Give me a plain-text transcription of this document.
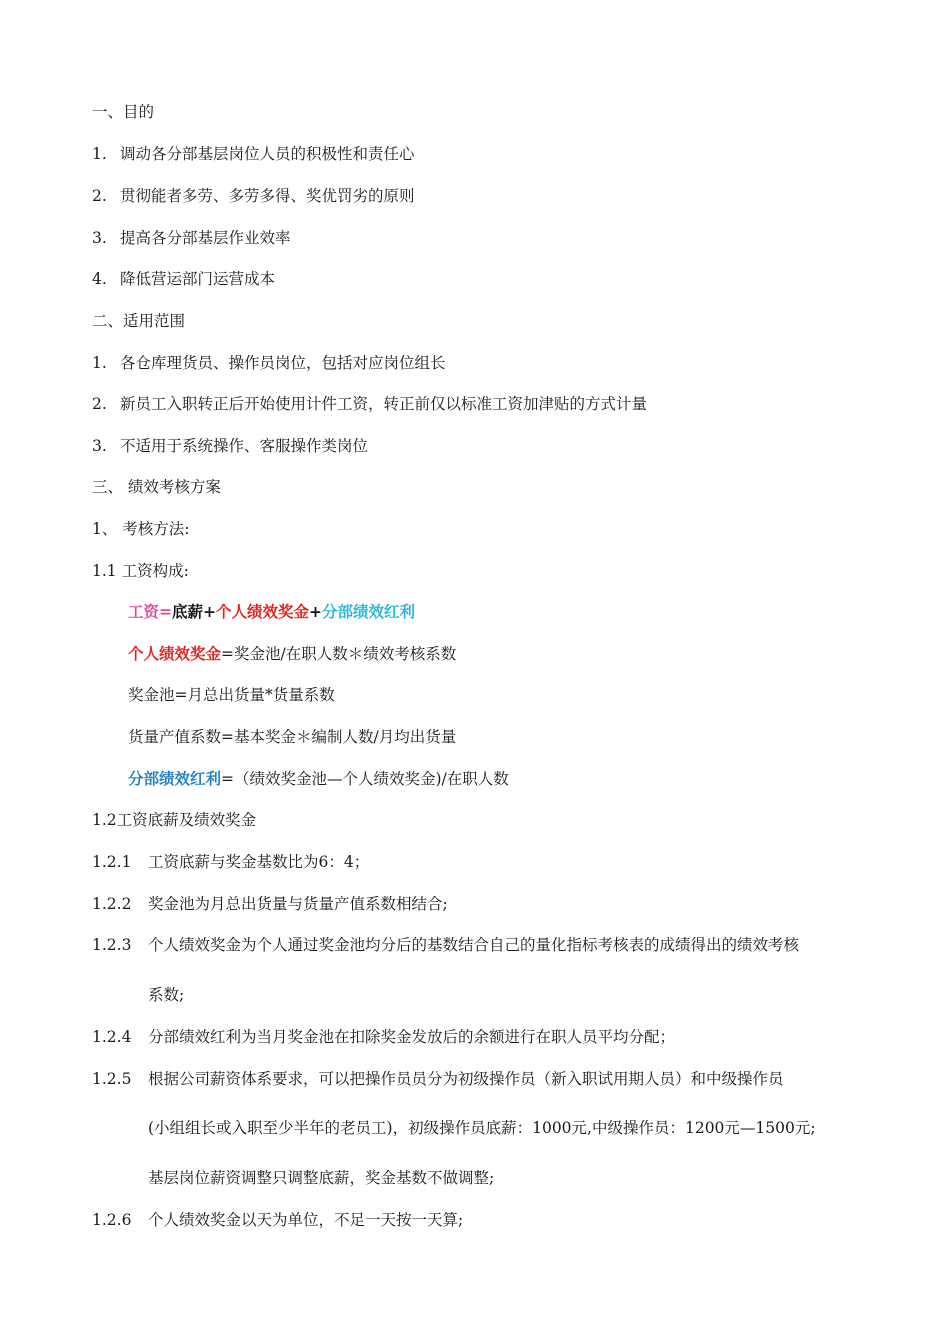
一、目的
1. 调动各分部基层岗位人员的积极性和责任心
2. 贯彻能者多劳、多劳多得、奖优罚劣的原则
3. 提高各分部基层作业效率
4. 降低营运部门运营成本
二、适用范围
1. 各仓库理货员、操作员岗位，包括对应岗位组长
2. 新员工入职转正后开始使用计件工资，转正前仅以标准工资加津贴的方式计量
3. 不适用于系统操作、客服操作类岗位
三、 绩效考核方案
1、 考核方法:
1.1 工资构成:
工资=底薪+个人绩效奖金+分部绩效红利
个人绩效奖金=奖金池/在职人数＊绩效考核系数
奖金池=月总出货量*货量系数
货量产值系数=基本奖金＊编制人数/月均出货量
分部绩效红利=（绩效奖金池—个人绩效奖金)/在职人数
1.2工资底薪及绩效奖金
1.2.1 工资底薪与奖金基数比为6：4；
1.2.2 奖金池为月总出货量与货量产值系数相结合;
1.2.3 个人绩效奖金为个人通过奖金池均分后的基数结合自己的量化指标考核表的成绩得出的绩效考核
系数;
1.2.4 分部绩效红利为当月奖金池在扣除奖金发放后的余额进行在职人员平均分配；
1.2.5 根据公司薪资体系要求，可以把操作员员分为初级操作员（新入职试用期人员）和中级操作员
(小组组长或入职至少半年的老员工)，初级操作员底薪：1000元,中级操作员：1200元—1500元;
基层岗位薪资调整只调整底薪，奖金基数不做调整;
1.2.6 个人绩效奖金以天为单位，不足一天按一天算;
